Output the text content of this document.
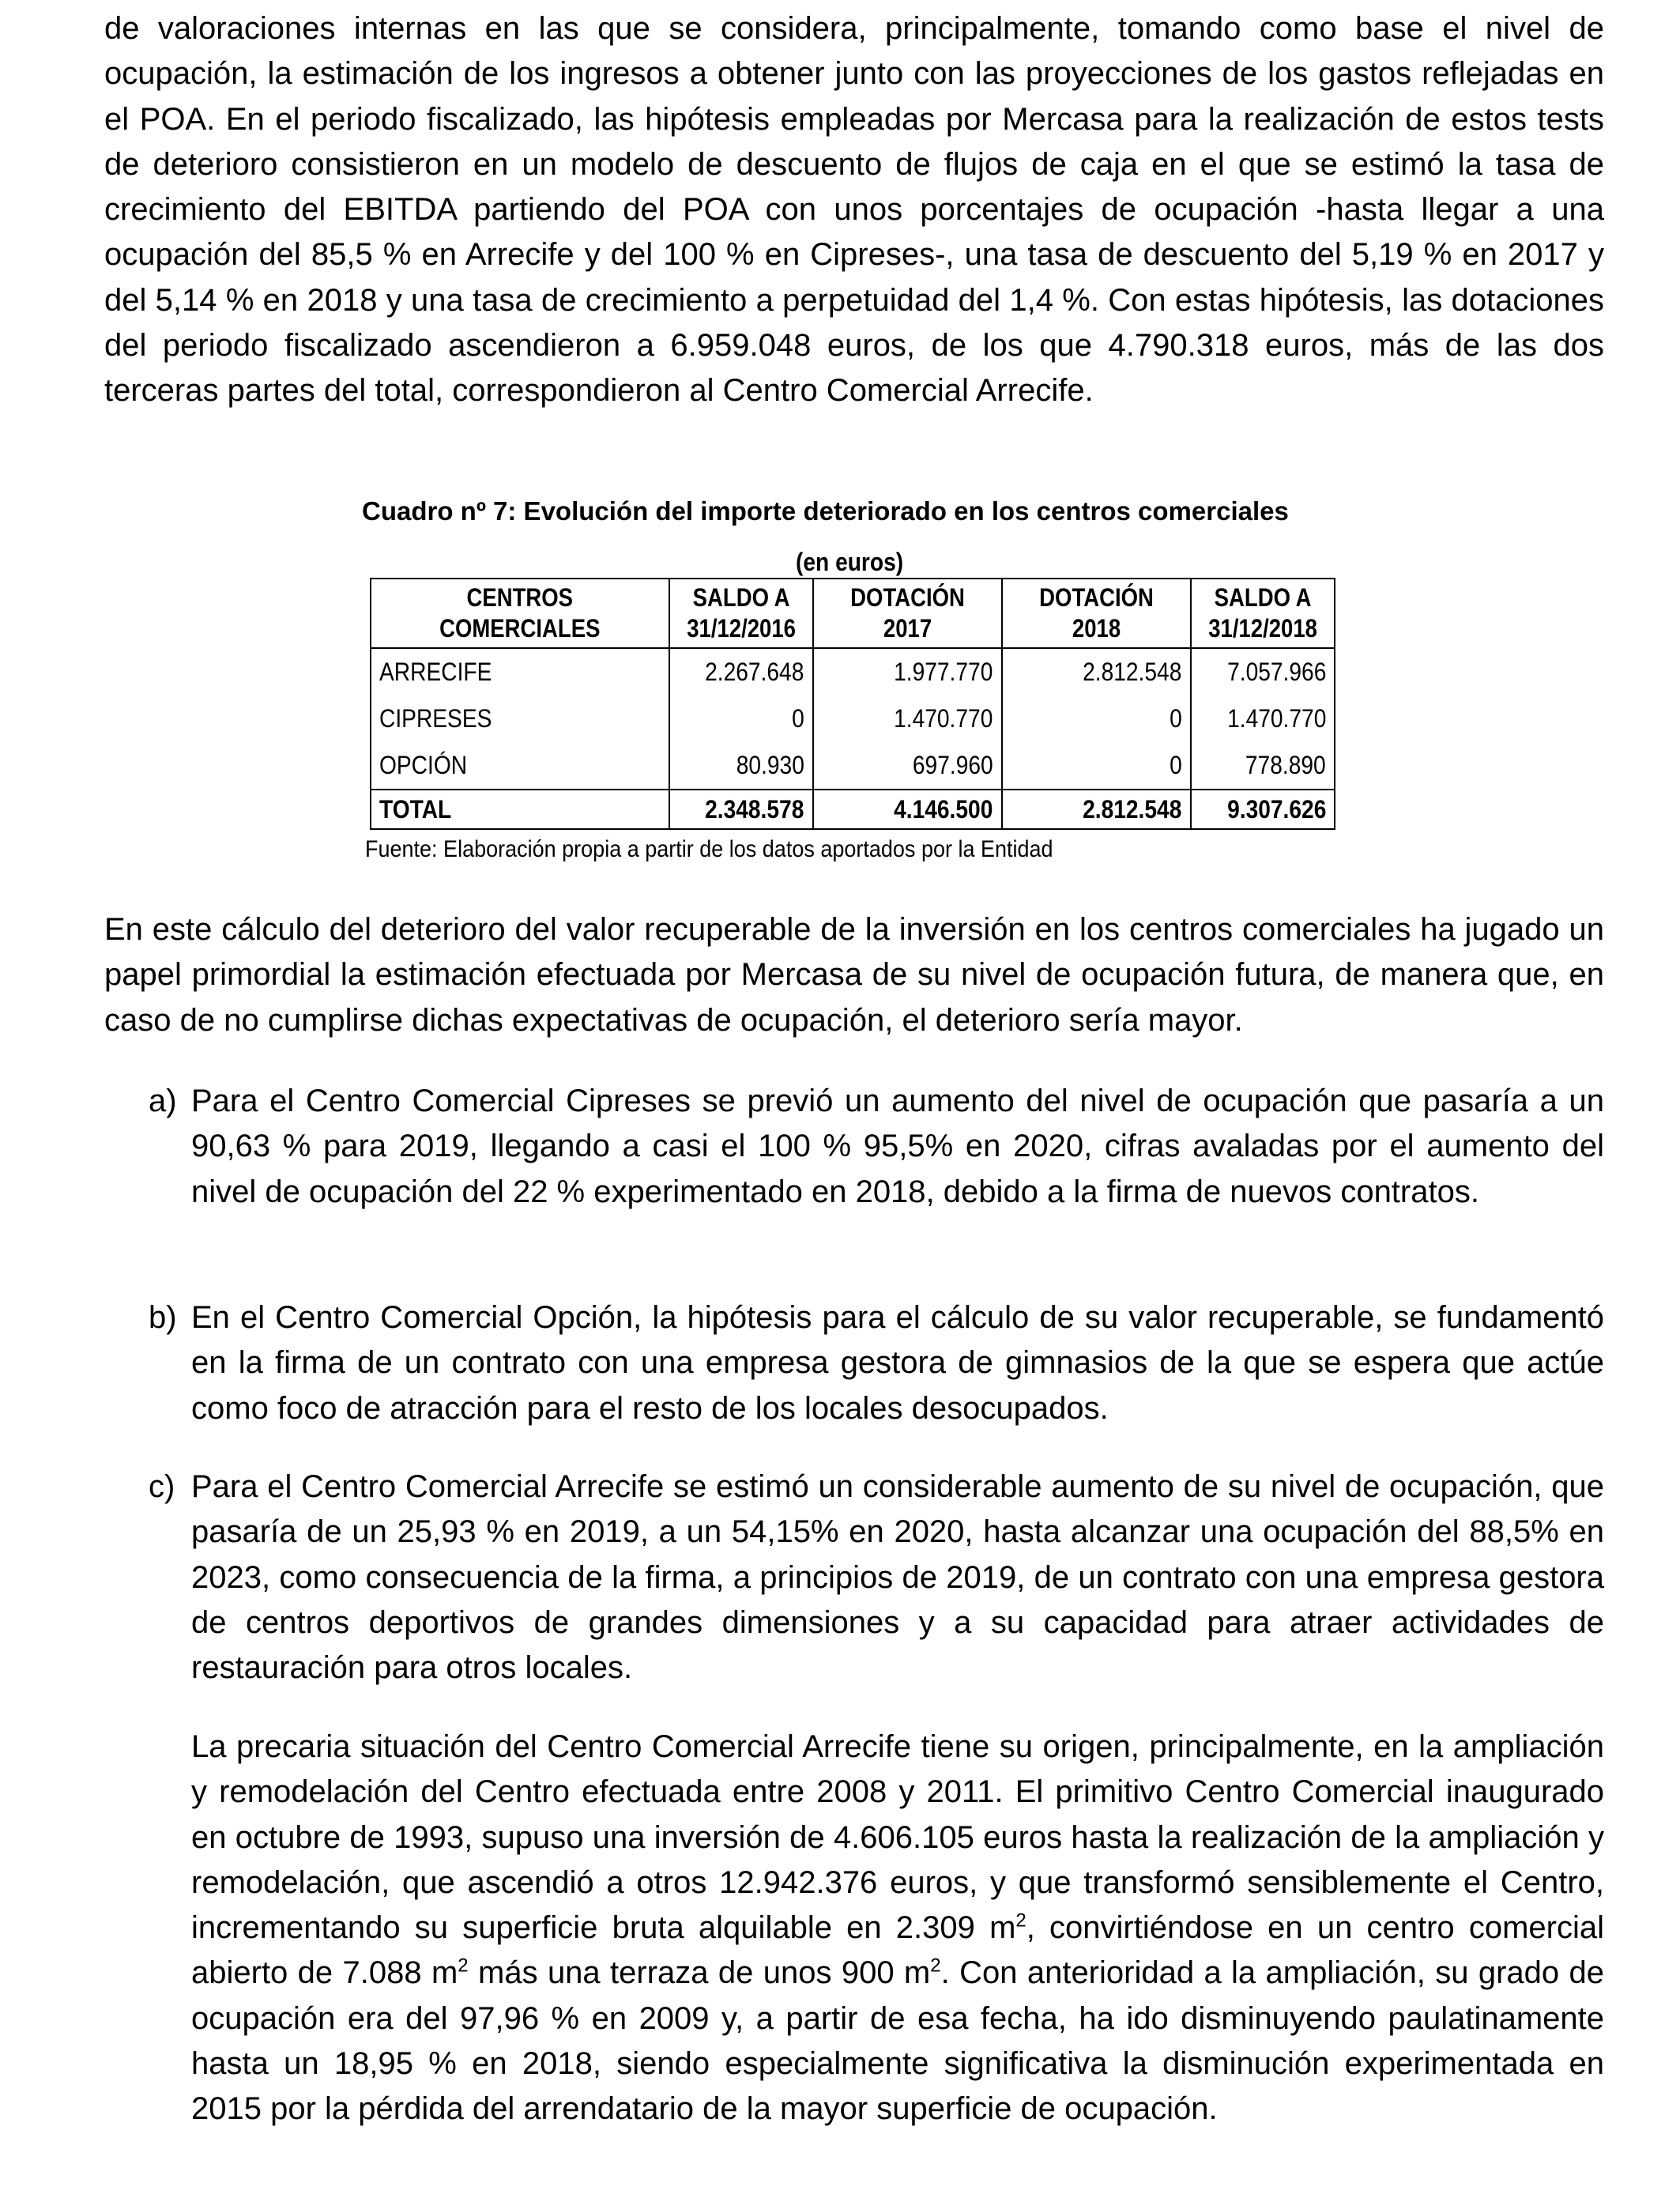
de valoraciones internas en las que se considera, principalmente, tomando como base el nivel de ocupación, la estimación de los ingresos a obtener junto con las proyecciones de los gastos reflejadas en el POA. En el periodo fiscalizado, las hipótesis empleadas por Mercasa para la realización de estos tests de deterioro consistieron en un modelo de descuento de flujos de caja en el que se estimó la tasa de crecimiento del EBITDA partiendo del POA con unos porcentajes de ocupación -hasta llegar a una ocupación del 85,5 % en Arrecife y del 100 % en Cipreses-, una tasa de descuento del 5,19 % en 2017 y del 5,14 % en 2018 y una tasa de crecimiento a perpetuidad del 1,4 %. Con estas hipótesis, las dotaciones del periodo fiscalizado ascendieron a 6.959.048 euros, de los que 4.790.318 euros, más de las dos terceras partes del total, correspondieron al Centro Comercial Arrecife.

Cuadro nº 7: Evolución del importe deteriorado en los centros comerciales
(en euros)
CENTROS COMERCIALES	SALDO A 31/12/2016	DOTACIÓN 2017	DOTACIÓN 2018	SALDO A 31/12/2018
ARRECIFE	2.267.648	1.977.770	2.812.548	7.057.966
CIPRESES	0	1.470.770	0	1.470.770
OPCIÓN	80.930	697.960	0	778.890
TOTAL	2.348.578	4.146.500	2.812.548	9.307.626
Fuente: Elaboración propia a partir de los datos aportados por la Entidad

En este cálculo del deterioro del valor recuperable de la inversión en los centros comerciales ha jugado un papel primordial la estimación efectuada por Mercasa de su nivel de ocupación futura, de manera que, en caso de no cumplirse dichas expectativas de ocupación, el deterioro sería mayor.

a) Para el Centro Comercial Cipreses se previó un aumento del nivel de ocupación que pasaría a un 90,63 % para 2019, llegando a casi el 100 % 95,5% en 2020, cifras avaladas por el aumento del nivel de ocupación del 22 % experimentado en 2018, debido a la firma de nuevos contratos.
b) En el Centro Comercial Opción, la hipótesis para el cálculo de su valor recuperable, se fundamentó en la firma de un contrato con una empresa gestora de gimnasios de la que se espera que actúe como foco de atracción para el resto de los locales desocupados.
c) Para el Centro Comercial Arrecife se estimó un considerable aumento de su nivel de ocupación, que pasaría de un 25,93 % en 2019, a un 54,15% en 2020, hasta alcanzar una ocupación del 88,5% en 2023, como consecuencia de la firma, a principios de 2019, de un contrato con una empresa gestora de centros deportivos de grandes dimensiones y a su capacidad para atraer actividades de restauración para otros locales.

La precaria situación del Centro Comercial Arrecife tiene su origen, principalmente, en la ampliación y remodelación del Centro efectuada entre 2008 y 2011. El primitivo Centro Comercial inaugurado en octubre de 1993, supuso una inversión de 4.606.105 euros hasta la realización de la ampliación y remodelación, que ascendió a otros 12.942.376 euros, y que transformó sensiblemente el Centro, incrementando su superficie bruta alquilable en 2.309 $m^2$, convirtiéndose en un centro comercial abierto de 7.088 $m^2$ más una terraza de unos 900 $m^2$. Con anterioridad a la ampliación, su grado de ocupación era del 97,96 % en 2009 y, a partir de esa fecha, ha ido disminuyendo paulatinamente hasta un 18,95 % en 2018, siendo especialmente significativa la disminución experimentada en 2015 por la pérdida del arrendatario de la mayor superficie de ocupación.
